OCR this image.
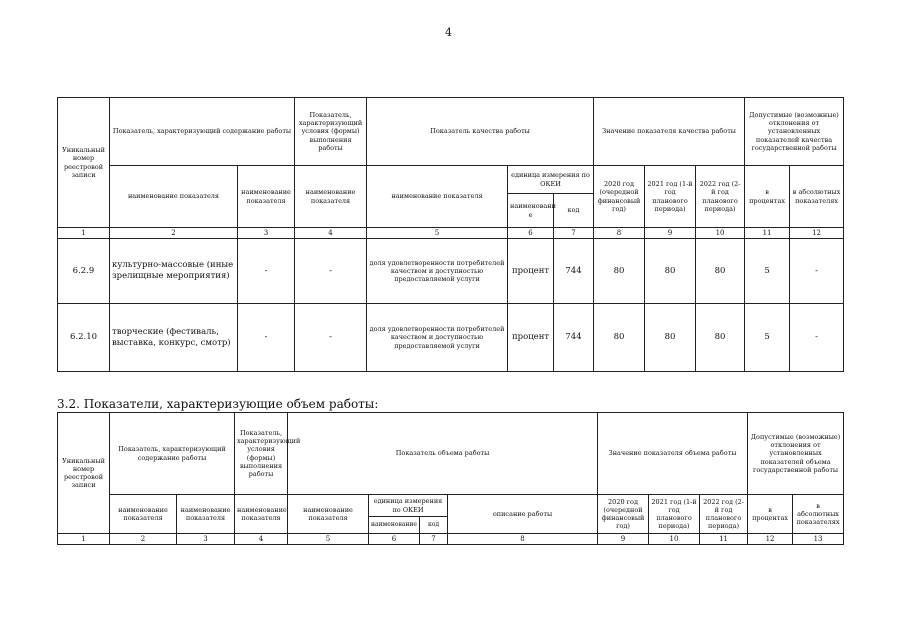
4
Уникальный номер реестровой записи	Показатель, характеризующий содержание работы		Показатель, характеризующий условия (формы) выполнения работы	Показатель качества работы			Значение показателя качества работы			Допустимые (возможные) отклонения от установленных показателей качества государственной работы	
	наименование показателя	наименование показателя	наименование показателя	наименование показателя	единица измерения по ОКЕИ		2020 год (очередной финансовый год)	2021 год (1-й год планового периода)	2022 год (2-й год планового периода)	в процентах	в абсолютных показателях
					наименовани е	код					
1	2	3	4	5	6	7	8	9	10	11	12
6.2.9	культурно-массовые (иные зрелищные мероприятия)	-	-	доля удовлетворенности потребителей качеством и доступностью предоставляемой услуги	процент	744	80	80	80	5	-
6.2.10	творческие (фестиваль, выставка, конкурс, смотр)	-	-	доля удовлетворенности потребителей качеством и доступностью предоставляемой услуги	процент	744	80	80	80	5	-
3.2. Показатели, характеризующие объем работы:
Уникальный номер реестровой записи	Показатель, характеризующий содержание работы		Показатель, характеризующий условия (формы) выполнения работы	Показатель объема работы				Значение показателя объема работы			Допустимые (возможные) отклонения от установленных показателей объема государственной работы	
	наименование показателя	наименование показателя	наименование показателя	наименование показателя	единица измерения по ОКЕИ		описание работы	2020 год (очередной финансовый год)	2021 год (1-й год планового периода)	2022 год (2-й год планового периода)	в процентах	в абсолютных показателях
					наименование	код						
1	2	3	4	5	6	7	8	9	10	11	12	13
